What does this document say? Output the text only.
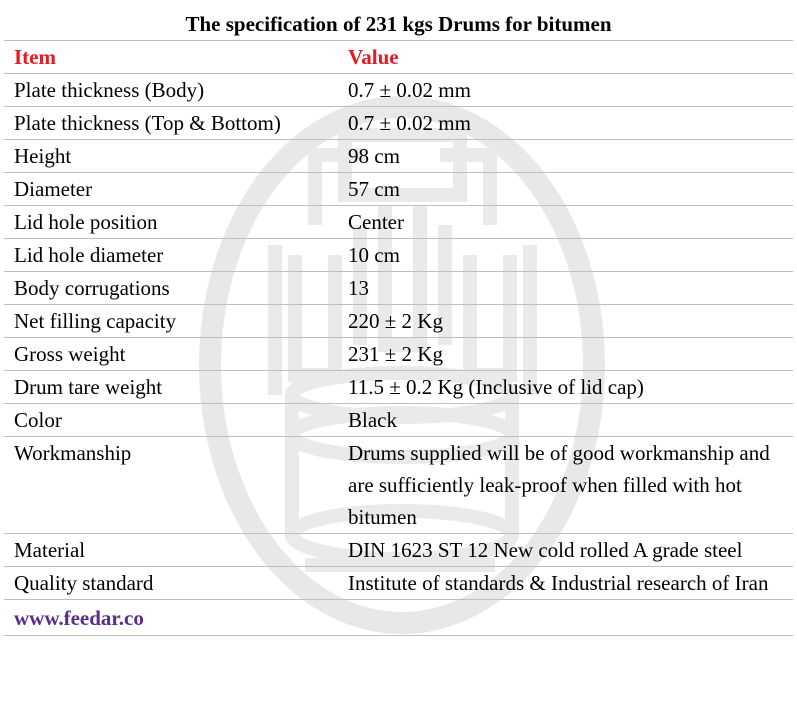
The specification of 231 kgs Drums for bitumen	
Item	Value
Plate thickness (Body)	0.7 ± 0.02 mm
Plate thickness (Top & Bottom)	0.7 ± 0.02 mm
Height	98 cm
Diameter	57 cm
Lid hole position	Center
Lid hole diameter	10 cm
Body corrugations	13
Net filling capacity	220 ± 2 Kg
Gross weight	231 ± 2 Kg
Drum tare weight	11.5 ± 0.2 Kg (Inclusive of lid cap)
Color	Black
Workmanship	Drums supplied will be of good workmanship and are sufficiently leak-proof when filled with hot bitumen
Material	DIN 1623 ST 12 New cold rolled A grade steel
Quality standard	Institute of standards & Industrial research of Iran
www.feedar.co	
